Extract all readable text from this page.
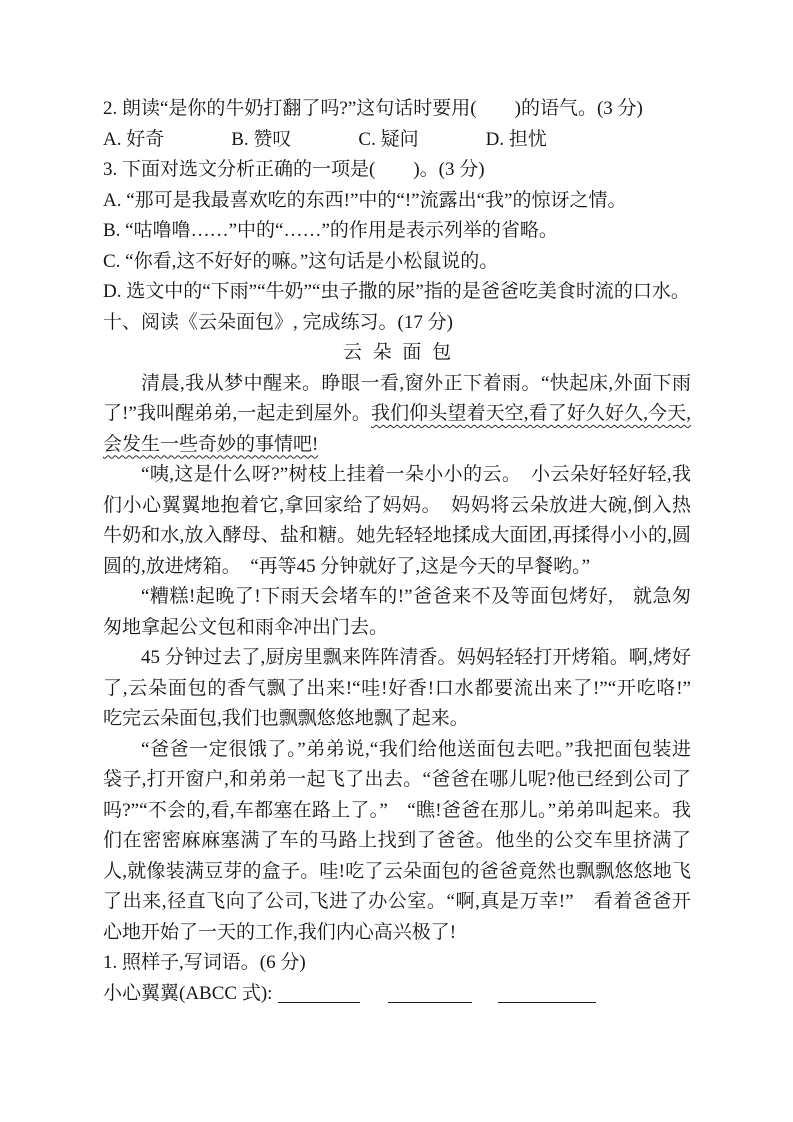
2. 朗读“是你的牛奶打翻了吗?”这句话时要用(　　)的语气。(3 分)
A. 好奇	B. 赞叹	C. 疑问	D. 担忧
3. 下面对选文分析正确的一项是(　　)。(3 分)
A. “那可是我最喜欢吃的东西!”中的“!”流露出“我”的惊讶之情。
B. “咕噜噜……”中的“……”的作用是表示列举的省略。
C. “你看,这不好好的嘛。”这句话是小松鼠说的。
D. 选文中的“下雨”“牛奶”“虫子撒的尿”指的是爸爸吃美食时流的口水。
十、阅读《云朵面包》, 完成练习。(17 分)
云 朵 面 包

清晨,我从梦中醒来。睁眼一看,窗外正下着雨。“快起床,外面下雨了!”我叫醒弟弟,一起走到屋外。我们仰头望着天空,看了好久好久,今天,会发生一些奇妙的事情吧!

“咦,这是什么呀?”树枝上挂着一朵小小的云。　小云朵好轻好轻,我们小心翼翼地抱着它,拿回家给了妈妈。　妈妈将云朵放进大碗,倒入热牛奶和水,放入酵母、盐和糖。她先轻轻地揉成大面团,再揉得小小的,圆圆的,放进烤箱。　“再等45 分钟就好了,这是今天的早餐哟。”

“糟糕!起晚了!下雨天会堵车的!”爸爸来不及等面包烤好,　就急匆匆地拿起公文包和雨伞冲出门去。

45 分钟过去了,厨房里飘来阵阵清香。妈妈轻轻打开烤箱。啊,烤好了,云朵面包的香气飘了出来!“哇!好香!口水都要流出来了!”“开吃咯!”　吃完云朵面包,我们也飘飘悠悠地飘了起来。

“爸爸一定很饿了。”弟弟说,“我们给他送面包去吧。”我把面包装进袋子,打开窗户,和弟弟一起飞了出去。“爸爸在哪儿呢?他已经到公司了吗?”“不会的,看,车都塞在路上了。”　“瞧!爸爸在那儿。”弟弟叫起来。我们在密密麻麻塞满了车的马路上找到了爸爸。他坐的公交车里挤满了人,就像装满豆芽的盒子。哇!吃了云朵面包的爸爸竟然也飘飘悠悠地飞了出来,径直飞向了公司,飞进了办公室。“啊,真是万幸!”　看着爸爸开心地开始了一天的工作,我们内心高兴极了!

1. 照样子,写词语。(6 分)
小心翼翼(ABCC 式):
